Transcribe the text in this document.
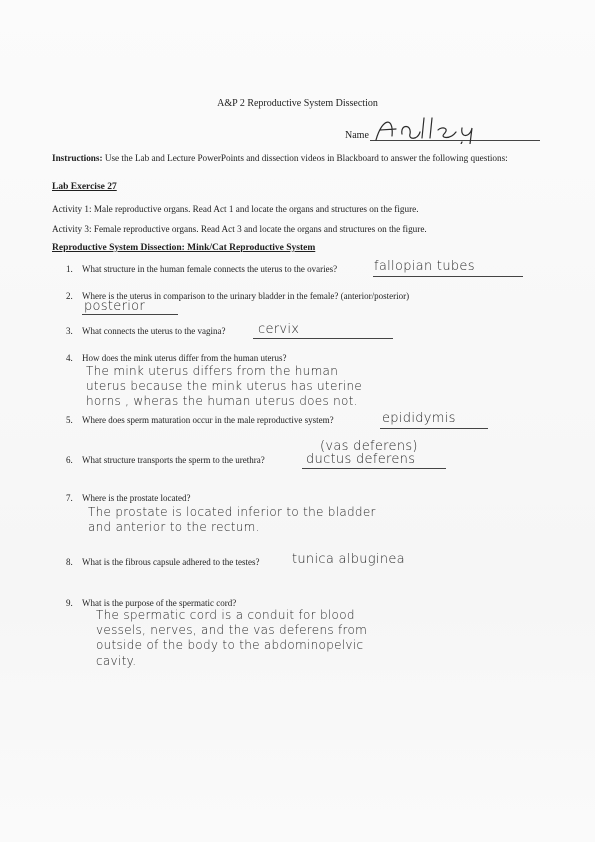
A&P 2 Reproductive System Dissection
Name
Instructions: Use the Lab and Lecture PowerPoints and dissection videos in Blackboard to answer the following questions:
Lab Exercise 27
Activity 1: Male reproductive organs. Read Act 1 and locate the organs and structures on the figure.
Activity 3: Female reproductive organs. Read Act 3 and locate the organs and structures on the figure.
Reproductive System Dissection: Mink/Cat Reproductive System
1. What structure in the human female connects the uterus to the ovaries?	fallopian tubes
2. Where is the uterus in comparison to the urinary bladder in the female? (anterior/posterior)
posterior
3. What connects the uterus to the vagina?	cervix
4. How does the mink uterus differ from the human uterus?
The mink uterus differs from the human
uterus because the mink uterus has uterine
horns , wheras the human uterus does not.
5. Where does sperm maturation occur in the male reproductive system?	epididymis
(vas deferens)
6. What structure transports the sperm to the urethra?	ductus deferens
7. Where is the prostate located?
The prostate is located inferior to the bladder
and anterior to the rectum.
8. What is the fibrous capsule adhered to the testes?	tunica albuginea
9. What is the purpose of the spermatic cord?
The spermatic cord is a conduit for blood
vessels, nerves, and the vas deferens from
outside of the body to the abdominopelvic
cavity.
